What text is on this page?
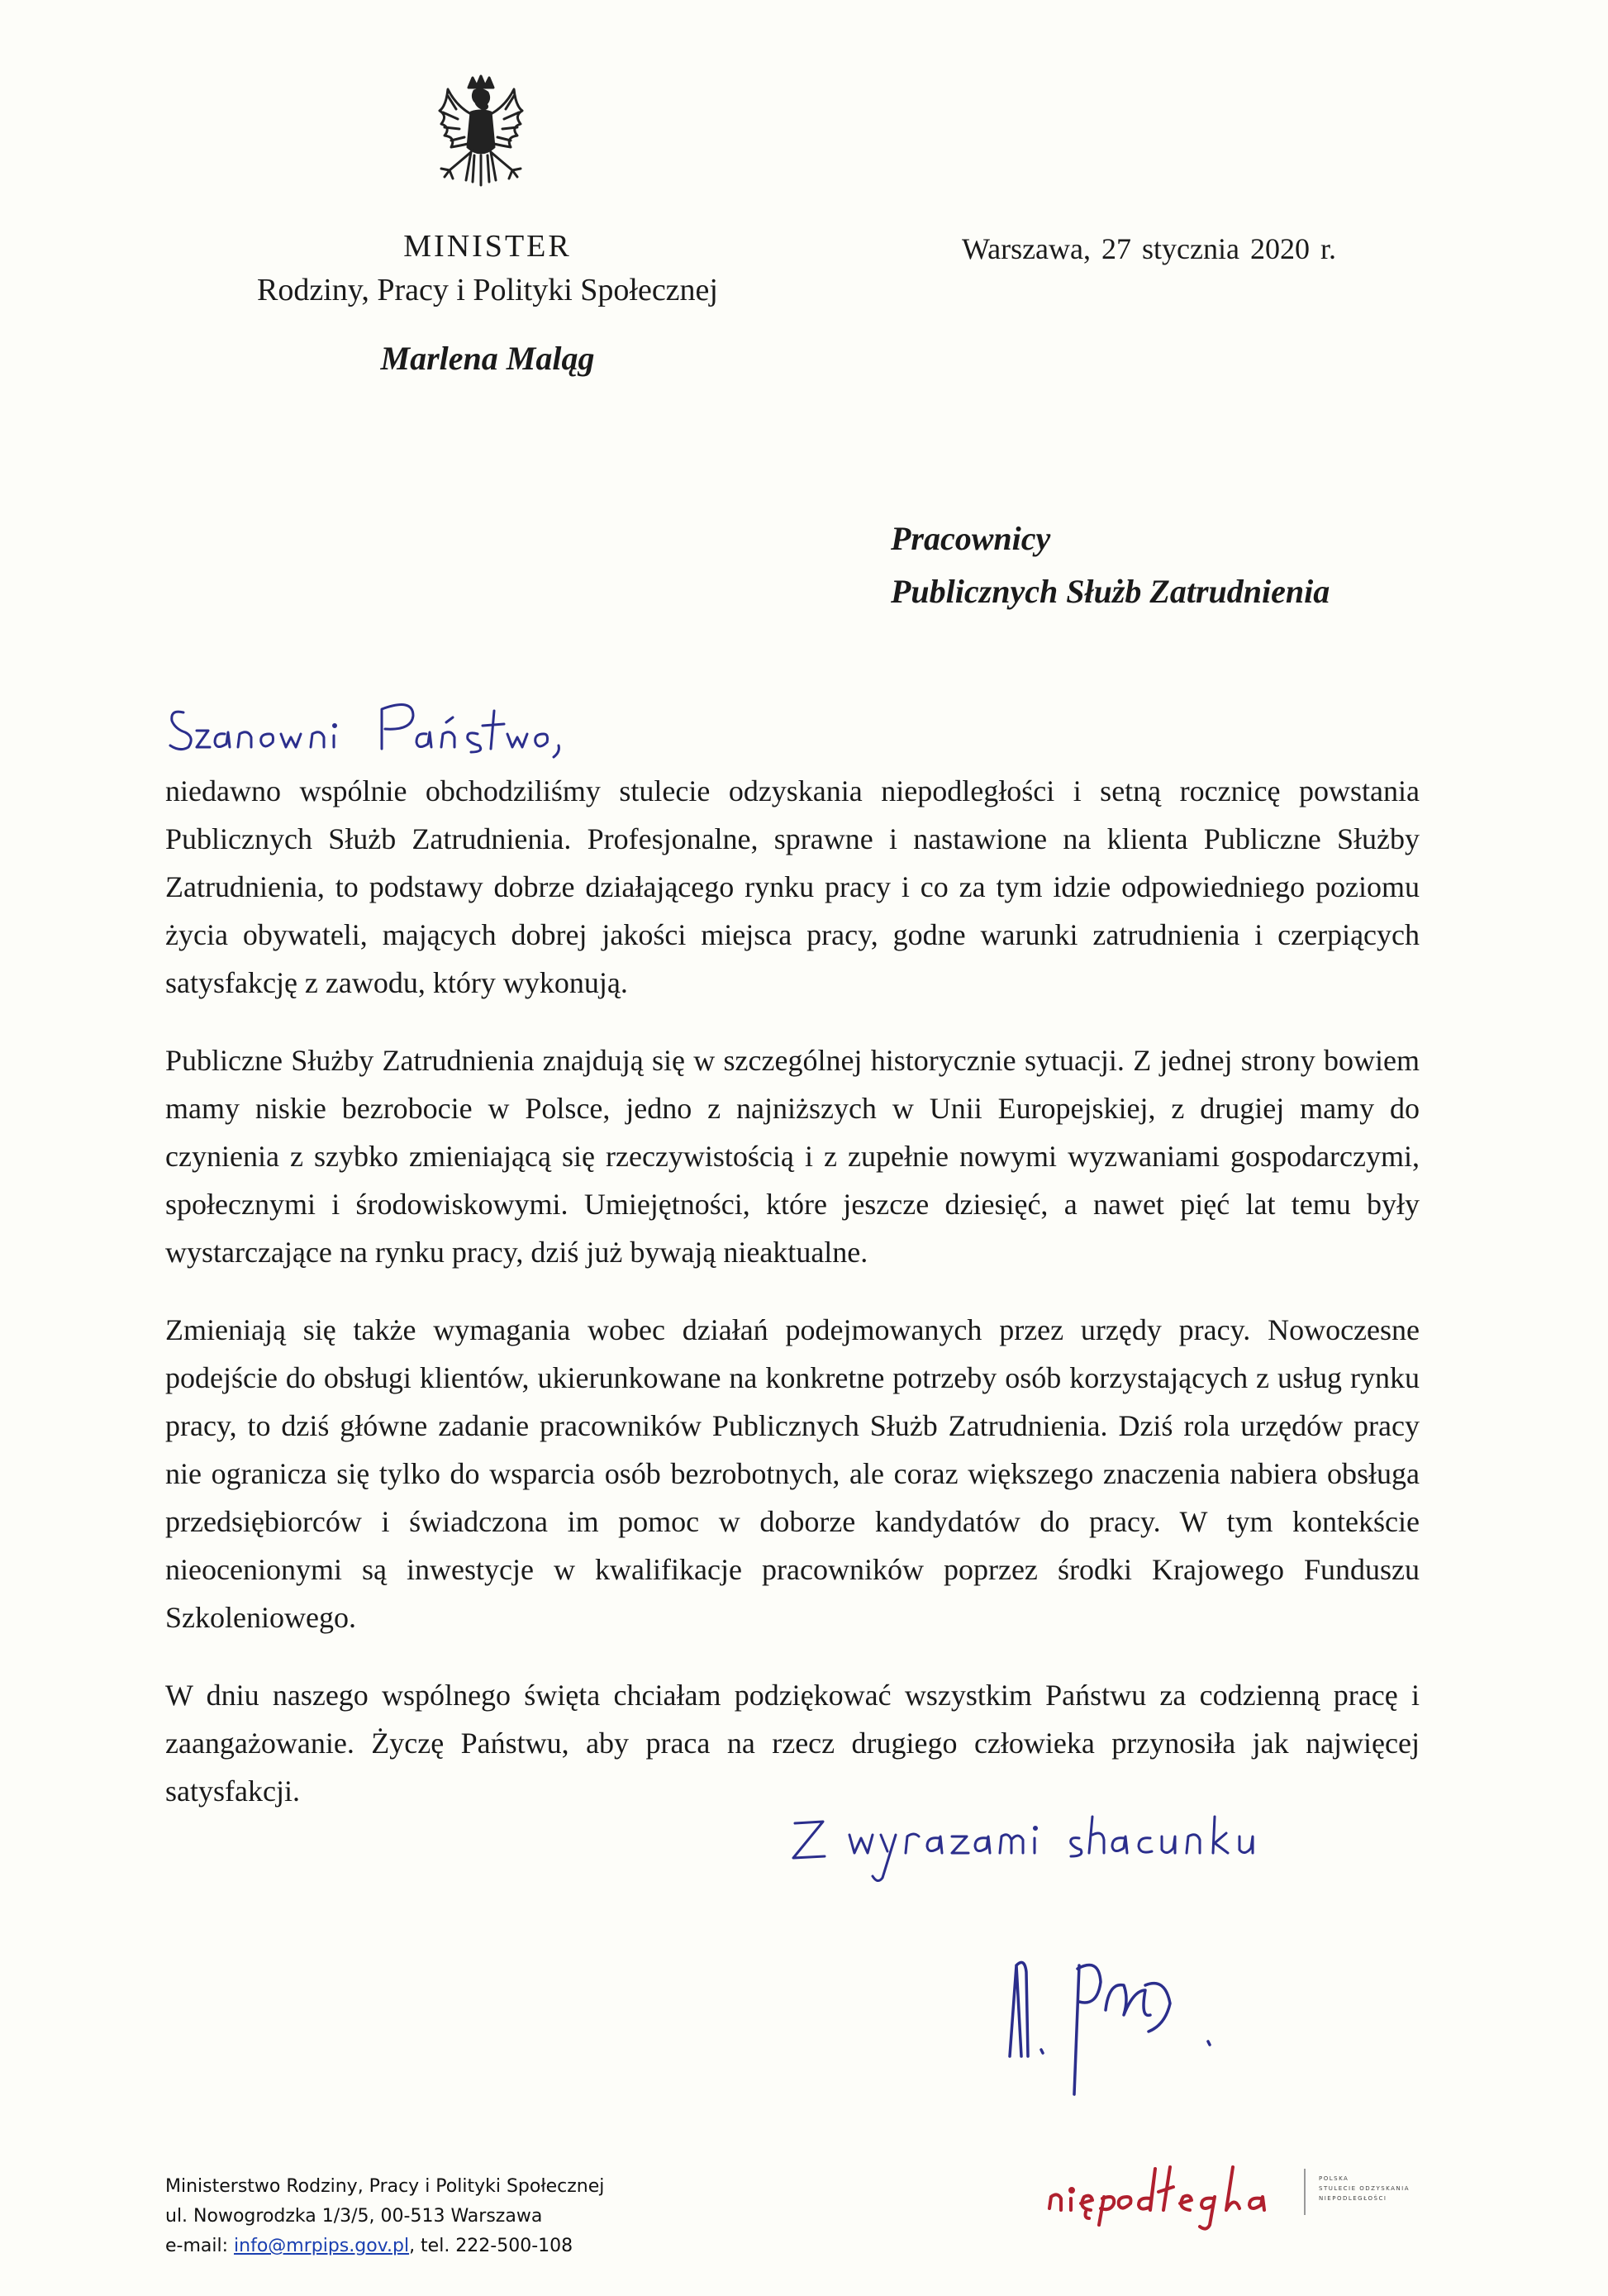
MINISTER
Rodziny, Pracy i Polityki Społecznej
Marlena Maląg
Warszawa, 27 stycznia 2020 r.
Pracownicy
Publicznych Służb Zatrudnienia

niedawno wspólnie obchodziliśmy stulecie odzyskania niepodległości i setną rocznicę powstania Publicznych Służb Zatrudnienia. Profesjonalne, sprawne i nastawione na klienta Publiczne Służby Zatrudnienia, to podstawy dobrze działającego rynku pracy i co za tym idzie odpowiedniego poziomu życia obywateli, mających dobrej jakości miejsca pracy, godne warunki zatrudnienia i czerpiących satysfakcję z zawodu, który wykonują.

Publiczne Służby Zatrudnienia znajdują się w szczególnej historycznie sytuacji. Z jednej strony bowiem mamy niskie bezrobocie w Polsce, jedno z najniższych w Unii Europejskiej, z drugiej mamy do czynienia z szybko zmieniającą się rzeczywistością i z zupełnie nowymi wyzwaniami gospodarczymi, społecznymi i środowiskowymi. Umiejętności, które jeszcze dziesięć, a nawet pięć lat temu były wystarczające na rynku pracy, dziś już bywają nieaktualne.

Zmieniają się także wymagania wobec działań podejmowanych przez urzędy pracy. Nowoczesne podejście do obsługi klientów, ukierunkowane na konkretne potrzeby osób korzystających z usług rynku pracy, to dziś główne zadanie pracowników Publicznych Służb Zatrudnienia. Dziś rola urzędów pracy nie ogranicza się tylko do wsparcia osób bezrobotnych, ale coraz większego znaczenia nabiera obsługa przedsiębiorców i świadczona im pomoc w doborze kandydatów do pracy. W tym kontekście nieocenionymi są inwestycje w kwalifikacje pracowników poprzez środki Krajowego Funduszu Szkoleniowego.

W dniu naszego wspólnego święta chciałam podziękować wszystkim Państwu za codzienną pracę i zaangażowanie. Życzę Państwu, aby praca na rzecz drugiego człowieka przynosiła jak najwięcej satysfakcji.

Ministerstwo Rodziny, Pracy i Polityki Społecznej
ul. Nowogrodzka 1/3/5, 00-513 Warszawa
e-mail: info@mrpips.gov.pl, tel. 222-500-108
POLSKA
STULECIE ODZYSKANIA
NIEPODLEGŁOŚCI
